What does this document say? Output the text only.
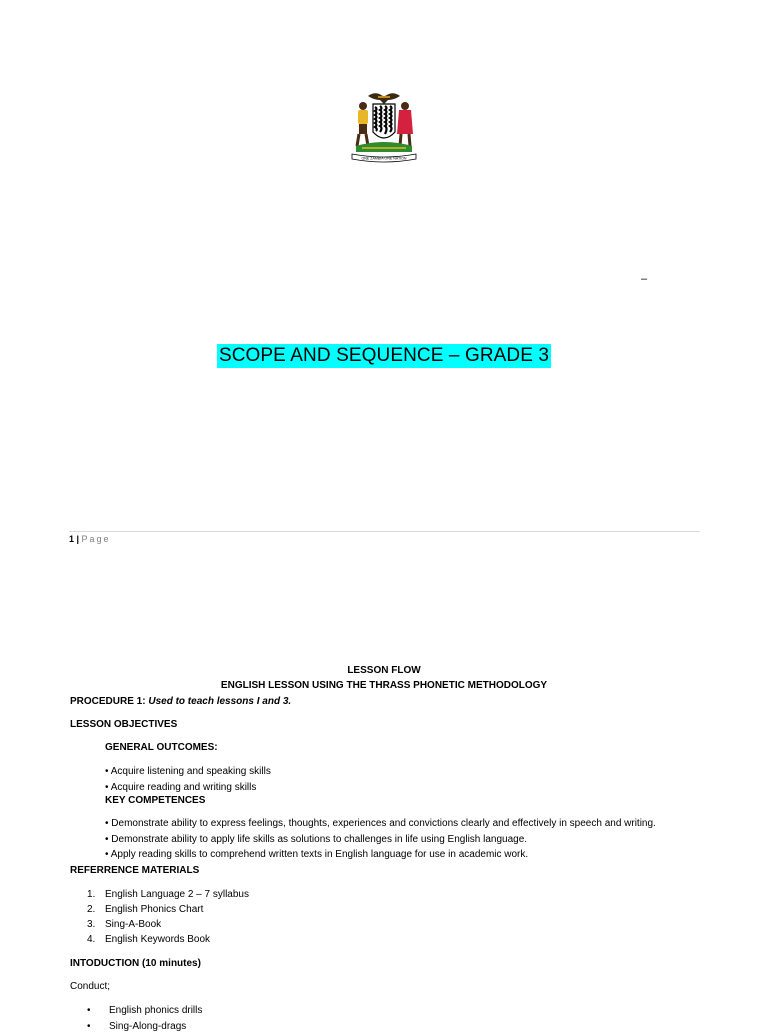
ONE ZAMBIA ONE NATION
–
SCOPE AND SEQUENCE – GRADE 3
1 | Page
LESSON FLOW
ENGLISH LESSON USING THE THRASS PHONETIC METHODOLOGY
PROCEDURE 1: Used to teach lessons I and 3.
LESSON OBJECTIVES
GENERAL OUTCOMES:
• Acquire listening and speaking skills
• Acquire reading and writing skills
KEY COMPETENCES
• Demonstrate ability to express feelings, thoughts, experiences and convictions clearly and effectively in speech and writing.
• Demonstrate ability to apply life skills as solutions to challenges in life using English language.
• Apply reading skills to comprehend written texts in English language for use in academic work.
REFERRENCE MATERIALS
1. English Language 2 – 7 syllabus
2. English Phonics Chart
3. Sing-A-Book
4. English Keywords Book
INTODUCTION (10 minutes)
Conduct;
• English phonics drills
• Sing-Along-drags
